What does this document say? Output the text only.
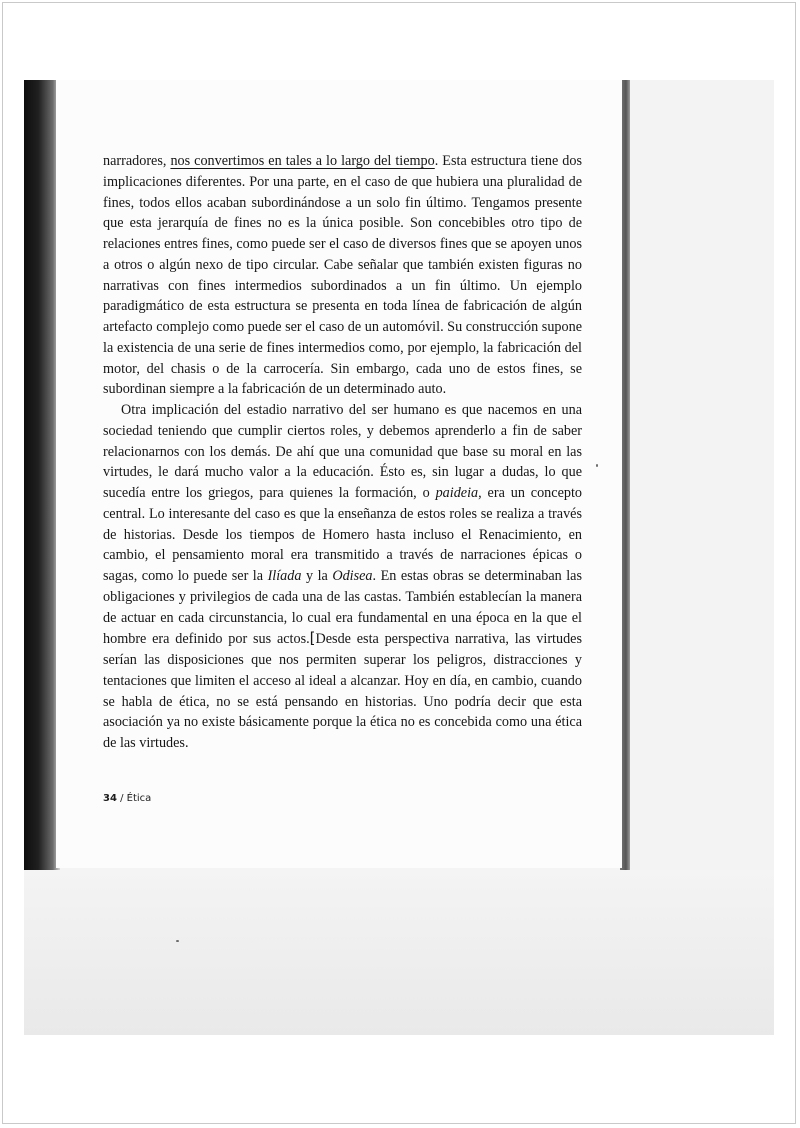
narradores, nos convertimos en tales a lo largo del tiempo. Esta estructura tiene dos implicaciones diferentes. Por una parte, en el caso de que hubiera una pluralidad de fines, todos ellos acaban subordinándose a un solo fin último. Tengamos presente que esta jerarquía de fines no es la única posible. Son concebibles otro tipo de relaciones entres fines, como puede ser el caso de diversos fines que se apoyen unos a otros o algún nexo de tipo circular. Cabe señalar que también existen figuras no narrativas con fines intermedios subordinados a un fin último. Un ejemplo paradigmático de esta estructura se presenta en toda línea de fabricación de algún artefacto complejo como puede ser el caso de un automóvil. Su construcción supone la existencia de una serie de fines intermedios como, por ejemplo, la fabricación del motor, del chasis o de la carrocería. Sin embargo, cada uno de estos fines, se subordinan siempre a la fabricación de un determinado auto.

Otra implicación del estadio narrativo del ser humano es que nacemos en una sociedad teniendo que cumplir ciertos roles, y debemos aprenderlo a fin de saber relacionarnos con los demás. De ahí que una comunidad que base su moral en las virtudes, le dará mucho valor a la educación. Ésto es, sin lugar a dudas, lo que sucedía entre los griegos, para quienes la formación, o paideia, era un concepto central. Lo interesante del caso es que la enseñanza de estos roles se realiza a través de historias. Desde los tiempos de Homero hasta incluso el Renacimiento, en cambio, el pensamiento moral era transmitido a través de narraciones épicas o sagas, como lo puede ser la Ilíada y la Odisea. En estas obras se determinaban las obligaciones y privilegios de cada una de las castas. También establecían la manera de actuar en cada circunstancia, lo cual era fundamental en una época en la que el hombre era definido por sus actos.[Desde esta perspectiva narrativa, las virtudes serían las disposiciones que nos permiten superar los peligros, distracciones y tentaciones que limiten el acceso al ideal a alcanzar. Hoy en día, en cambio, cuando se habla de ética, no se está pensando en historias. Uno podría decir que esta asociación ya no existe básicamente porque la ética no es concebida como una ética de las virtudes.

34 / Ética
